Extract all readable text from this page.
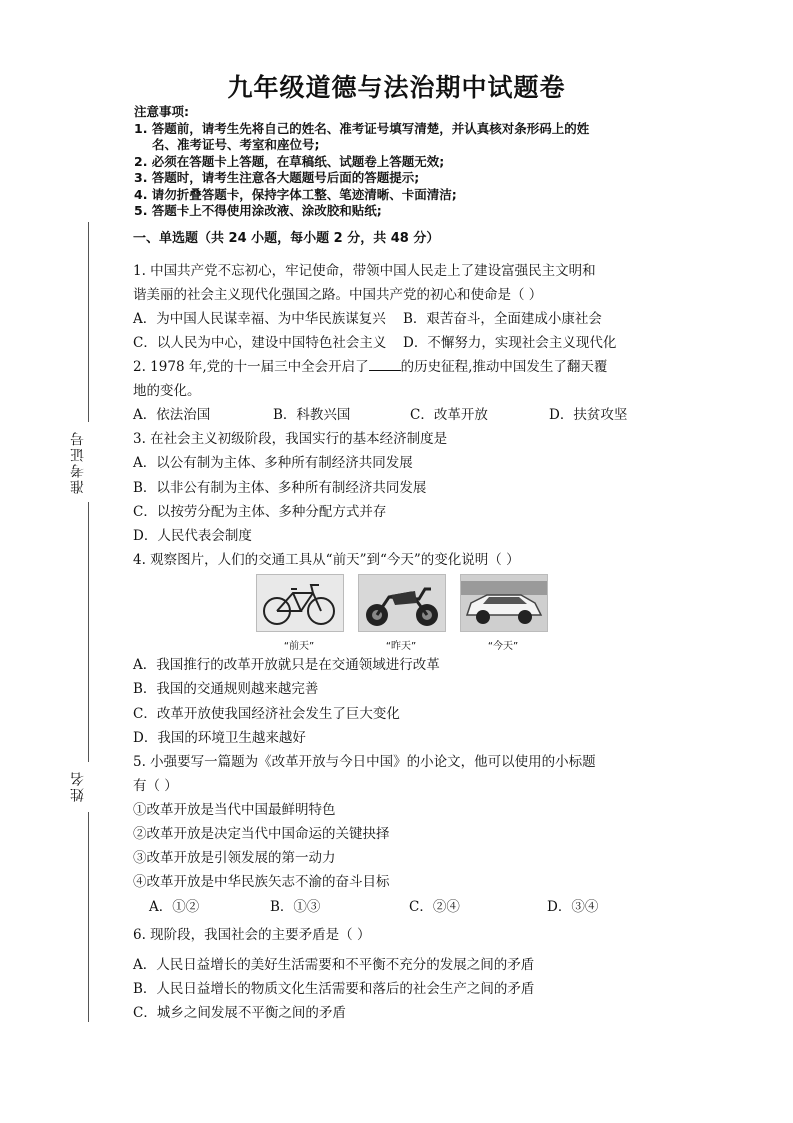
九年级道德与法治期中试题卷
注意事项:
1. 答题前，请考生先将自己的姓名、准考证号填写清楚，并认真核对条形码上的姓
名、准考证号、考室和座位号;
2. 必须在答题卡上答题，在草稿纸、试题卷上答题无效;
3. 答题时，请考生注意各大题题号后面的答题提示;
4. 请勿折叠答题卡，保持字体工整、笔迹清晰、卡面清洁;
5. 答题卡上不得使用涂改液、涂改胶和贴纸;
准考证号
姓名
一、单选题（共 24 小题，每小题 2 分，共 48 分）
1. 中国共产党不忘初心，牢记使命，带领中国人民走上了建设富强民主文明和
谐美丽的社会主义现代化强国之路。中国共产党的初心和使命是（ ）
A．为中国人民谋幸福、为中华民族谋复兴 B．艰苦奋斗，全面建成小康社会
C．以人民为中心，建设中国特色社会主义 D．不懈努力，实现社会主义现代化
2. 1978 年,党的十一届三中全会开启了 的历史征程,推动中国发生了翻天覆
地的变化。
A．依法治国	B．科教兴国	C．改革开放	D．扶贫攻坚
3. 在社会主义初级阶段，我国实行的基本经济制度是
A．以公有制为主体、多种所有制经济共同发展
B．以非公有制为主体、多种所有制经济共同发展
C．以按劳分配为主体、多种分配方式并存
D．人民代表会制度
4. 观察图片，人们的交通工具从“前天”到“今天”的变化说明（ ）
“前天”	“昨天”	“今天”
A．我国推行的改革开放就只是在交通领域进行改革
B．我国的交通规则越来越完善
C．改革开放使我国经济社会发生了巨大变化
D．我国的环境卫生越来越好
5. 小强要写一篇题为《改革开放与今日中国》的小论文，他可以使用的小标题
有（ ）
①改革开放是当代中国最鲜明特色
②改革开放是决定当代中国命运的关键抉择
③改革开放是引领发展的第一动力
④改革开放是中华民族矢志不渝的奋斗目标
A．①②	B．①③	C．②④	D．③④
6. 现阶段，我国社会的主要矛盾是（ ）
A．人民日益增长的美好生活需要和不平衡不充分的发展之间的矛盾
B．人民日益增长的物质文化生活需要和落后的社会生产之间的矛盾
C．城乡之间发展不平衡之间的矛盾
